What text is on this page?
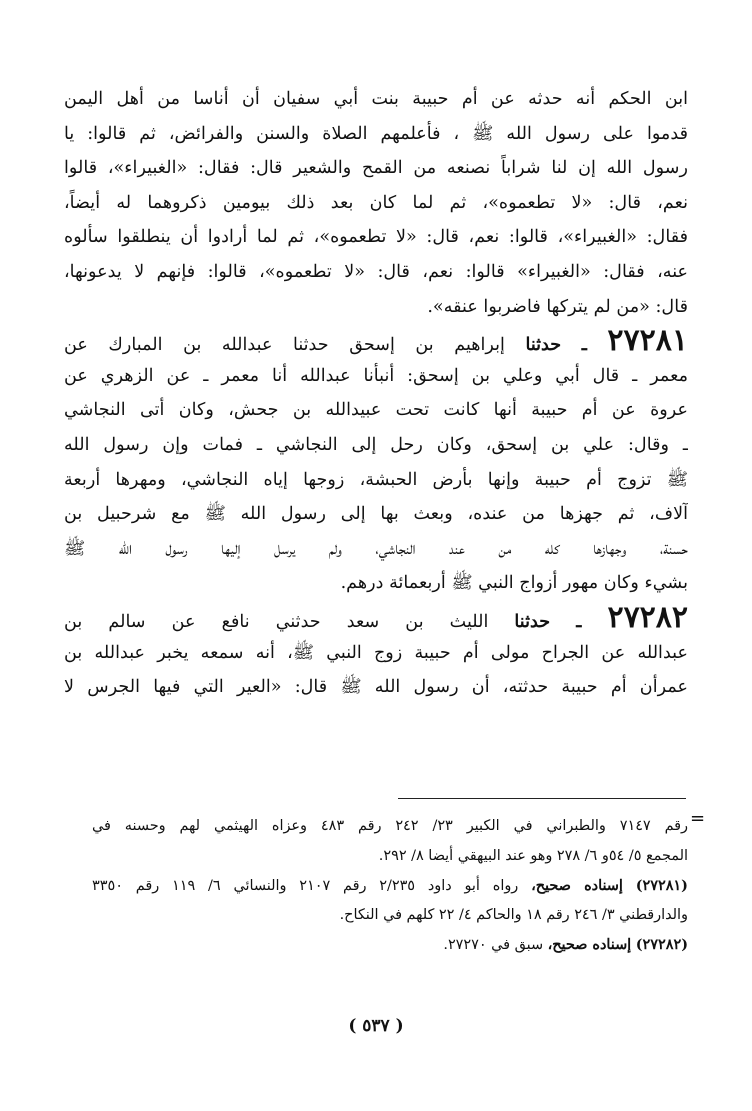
ابن الحكم أنه حدثه عن أم حبيبة بنت أبي سفيان أن أناسا من أهل اليمن
قدموا على رسول الله ﷺ ، فأعلمهم الصلاة والسنن والفرائض، ثم قالوا: يا
رسول الله إن لنا شراباً نصنعه من القمح والشعير قال: فقال: «الغبيراء»، قالوا
نعم، قال: «لا تطعموه»، ثم لما كان بعد ذلك بيومين ذكروهما له أيضاً،
فقال: «الغبيراء»، قالوا: نعم، قال: «لا تطعموه»، ثم لما أرادوا أن ينطلقوا سألوه
عنه، فقال: «الغبيراء» قالوا: نعم، قال: «لا تطعموه»، قالوا: فإنهم لا يدعونها،
قال: «من لم يتركها فاضربوا عنقه».
٢٧٢٨١ ـ حدثنا إبراهيم بن إسحق حدثنا عبدالله بن المبارك عن
معمر ـ قال أبي وعلي بن إسحق: أنبأنا عبدالله أنا معمر ـ عن الزهري عن
عروة عن أم حبيبة أنها كانت تحت عبيدالله بن جحش، وكان أتى النجاشي
ـ وقال: علي بن إسحق، وكان رحل إلى النجاشي ـ فمات وإن رسول الله
ﷺ تزوج أم حبيبة وإنها بأرض الحبشة، زوجها إياه النجاشي، ومهرها أربعة
آلاف، ثم جهزها من عنده، وبعث بها إلى رسول الله ﷺ مع شرحبيل بن
حسنة، وجهازها كله من عند النجاشي، ولم يرسل إليها رسول الله ﷺ
بشيء وكان مهور أزواج النبي ﷺ أربعمائة درهم.
٢٧٢٨٢ ـ حدثنا الليث بن سعد حدثني نافع عن سالم بن
عبدالله عن الجراح مولى أم حبيبة زوج النبي ﷺ، أنه سمعه يخبر عبدالله بن
عمرأن أم حبيبة حدثته، أن رسول الله ﷺ قال: «العير التي فيها الجرس لا
=
رقم ٧١٤٧ والطبراني في الكبير ٢٣/ ٢٤٢ رقم ٤٨٣ وعزاه الهيثمي لهم وحسنه في
المجمع ٥/ ٥٤و ٦/ ٢٧٨ وهو عند البيهقي أيضا ٨/ ٢٩٢.
(٢٧٢٨١) إسناده صحيح، رواه أبو داود ٢/٢٣٥ رقم ٢١٠٧ والنسائي ٦/ ١١٩ رقم ٣٣٥٠
والدارقطني ٣/ ٢٤٦ رقم ١٨ والحاكم ٤/ ٢٢ كلهم في النكاح.
(٢٧٢٨٢) إسناده صحيح، سبق في ٢٧٢٧٠.
( ٥٣٧ )
